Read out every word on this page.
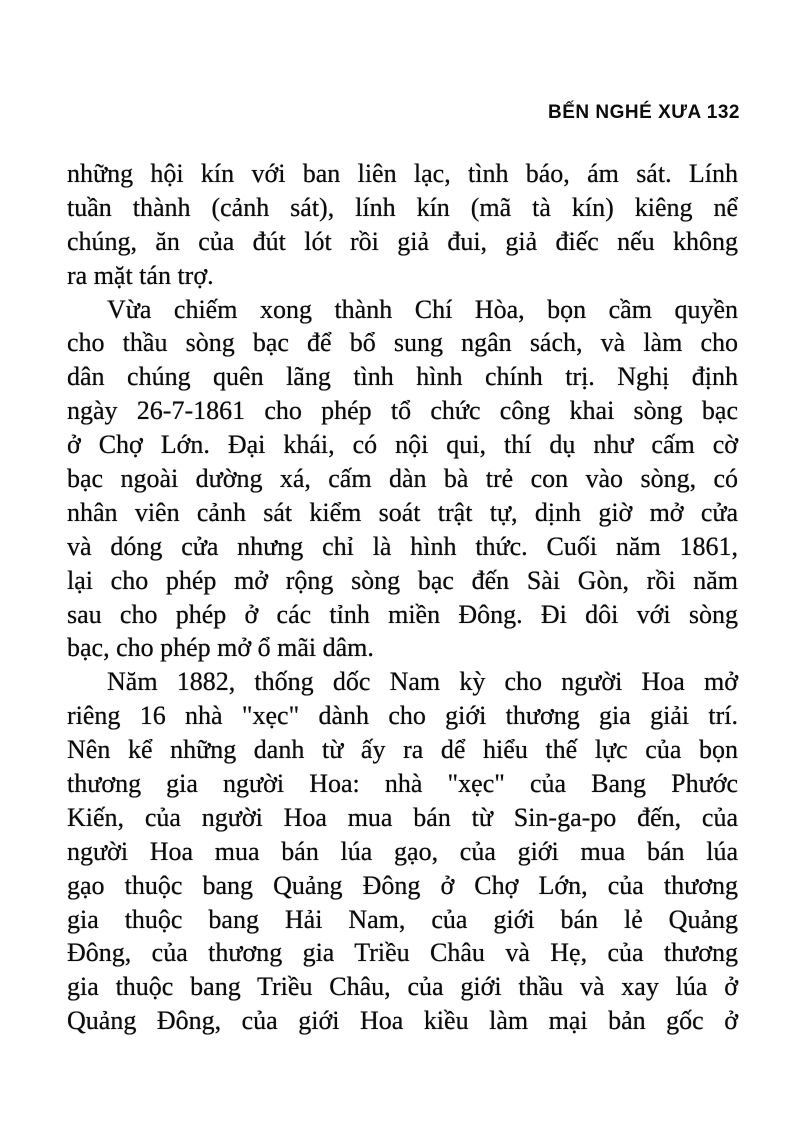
BẾN NGHÉ XƯA 132
những hội kín với ban liên lạc, tình báo, ám sát. Lính
tuần thành (cảnh sát), lính kín (mã tà kín) kiêng nể
chúng, ăn của đút lót rồi giả đui, giả điếc nếu không
ra mặt tán trợ.
Vừa chiếm xong thành Chí Hòa, bọn cầm quyền
cho thầu sòng bạc để bổ sung ngân sách, và làm cho
dân chúng quên lãng tình hình chính trị. Nghị định
ngày 26-7-1861 cho phép tổ chức công khai sòng bạc
ở Chợ Lớn. Đại khái, có nội qui, thí dụ như cấm cờ
bạc ngoài dường xá, cấm dàn bà trẻ con vào sòng, có
nhân viên cảnh sát kiểm soát trật tự, dịnh giờ mở cửa
và dóng cửa nhưng chỉ là hình thức. Cuối năm 1861,
lại cho phép mở rộng sòng bạc đến Sài Gòn, rồi năm
sau cho phép ở các tỉnh miền Đông. Đi dôi với sòng
bạc, cho phép mở ổ mãi dâm.
Năm 1882, thống dốc Nam kỳ cho người Hoa mở
riêng 16 nhà "xẹc" dành cho giới thương gia giải trí.
Nên kể những danh từ ấy ra dể hiểu thế lực của bọn
thương gia người Hoa: nhà "xẹc" của Bang Phước
Kiến, của người Hoa mua bán từ Sin-ga-po đến, của
người Hoa mua bán lúa gạo, của giới mua bán lúa
gạo thuộc bang Quảng Đông ở Chợ Lớn, của thương
gia thuộc bang Hải Nam, của giới bán lẻ Quảng
Đông, của thương gia Triều Châu và Hẹ, của thương
gia thuộc bang Triều Châu, của giới thầu và xay lúa ở
Quảng Đông, của giới Hoa kiều làm mại bản gốc ở
